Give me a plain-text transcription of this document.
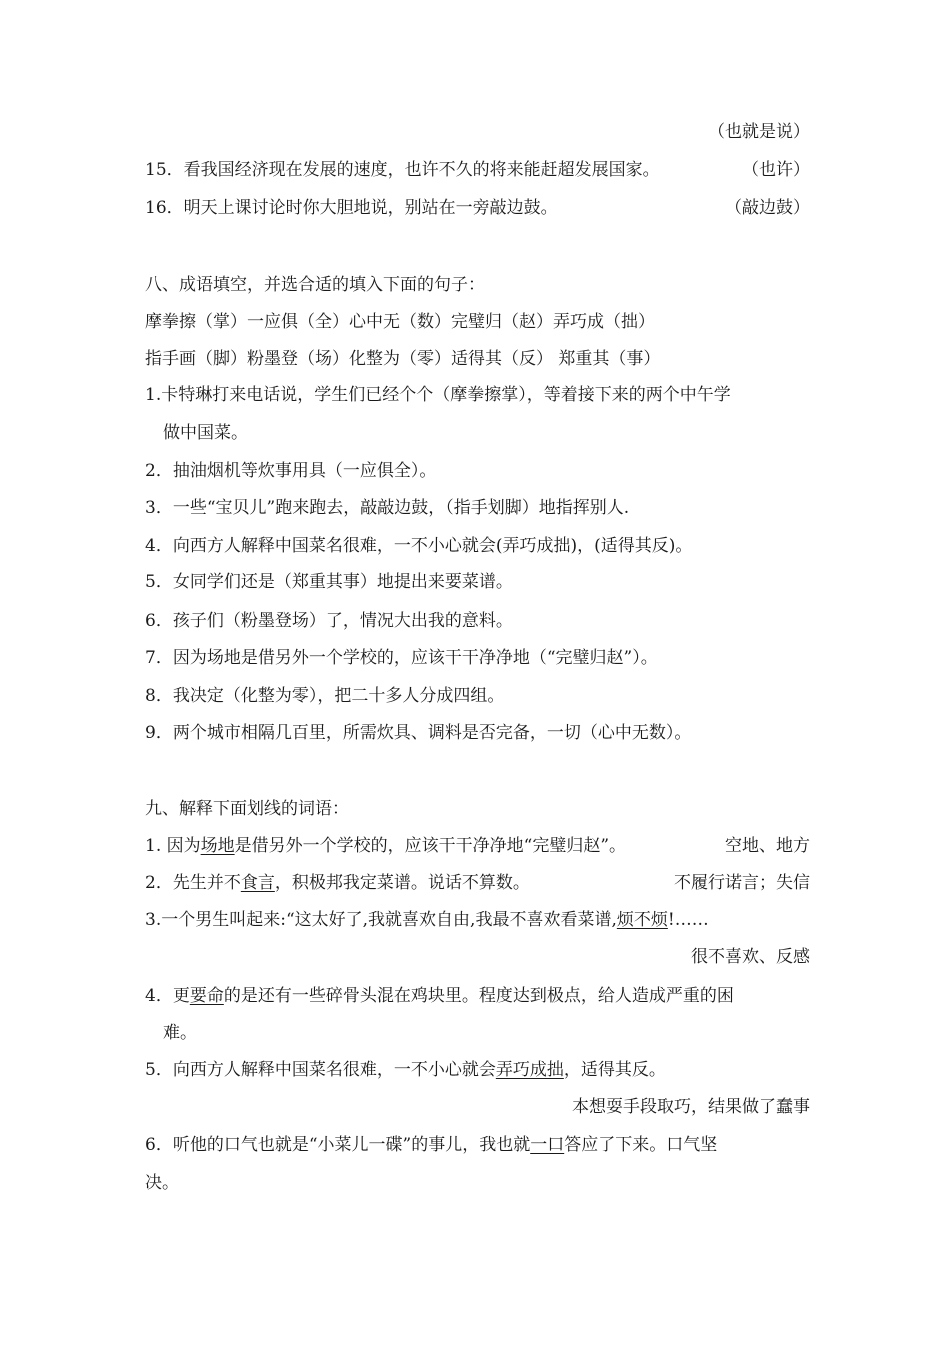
（也就是说）
15．看我国经济现在发展的速度，也许不久的将来能赶超发展国家。	（也许）
16．明天上课讨论时你大胆地说，别站在一旁敲边鼓。	（敲边鼓）
八、成语填空，并选合适的填入下面的句子：
摩拳擦（掌）一应俱（全）心中无（数）完璧归（赵）弄巧成（拙）
指手画（脚）粉墨登（场）化整为（零）适得其（反） 郑重其（事）
1.卡特琳打来电话说，学生们已经个个（摩拳擦掌），等着接下来的两个中午学
做中国菜。
2．抽油烟机等炊事用具（一应俱全）。
3．一些“宝贝儿”跑来跑去，敲敲边鼓，（指手划脚）地指挥别人.
4．向西方人解释中国菜名很难，一不小心就会(弄巧成拙)，(适得其反)。
5．女同学们还是（郑重其事）地提出来要菜谱。
6．孩子们（粉墨登场）了，情况大出我的意料。
7．因为场地是借另外一个学校的，应该干干净净地（“完璧归赵”）。
8．我决定（化整为零），把二十多人分成四组。
9．两个城市相隔几百里，所需炊具、调料是否完备，一切（心中无数）。
九、解释下面划线的词语：
1. 因为场地是借另外一个学校的，应该干干净净地“完璧归赵”。	空地、地方
2．先生并不食言，积极邦我定菜谱。说话不算数。	不履行诺言；失信
3.一个男生叫起来:“这太好了,我就喜欢自由,我最不喜欢看菜谱,烦不烦!……
很不喜欢、反感
4．更要命的是还有一些碎骨头混在鸡块里。程度达到极点，给人造成严重的困
难。
5．向西方人解释中国菜名很难，一不小心就会弄巧成拙，适得其反。
本想耍手段取巧，结果做了蠢事
6．听他的口气也就是“小菜儿一碟”的事儿，我也就一口答应了下来。口气坚
决。
